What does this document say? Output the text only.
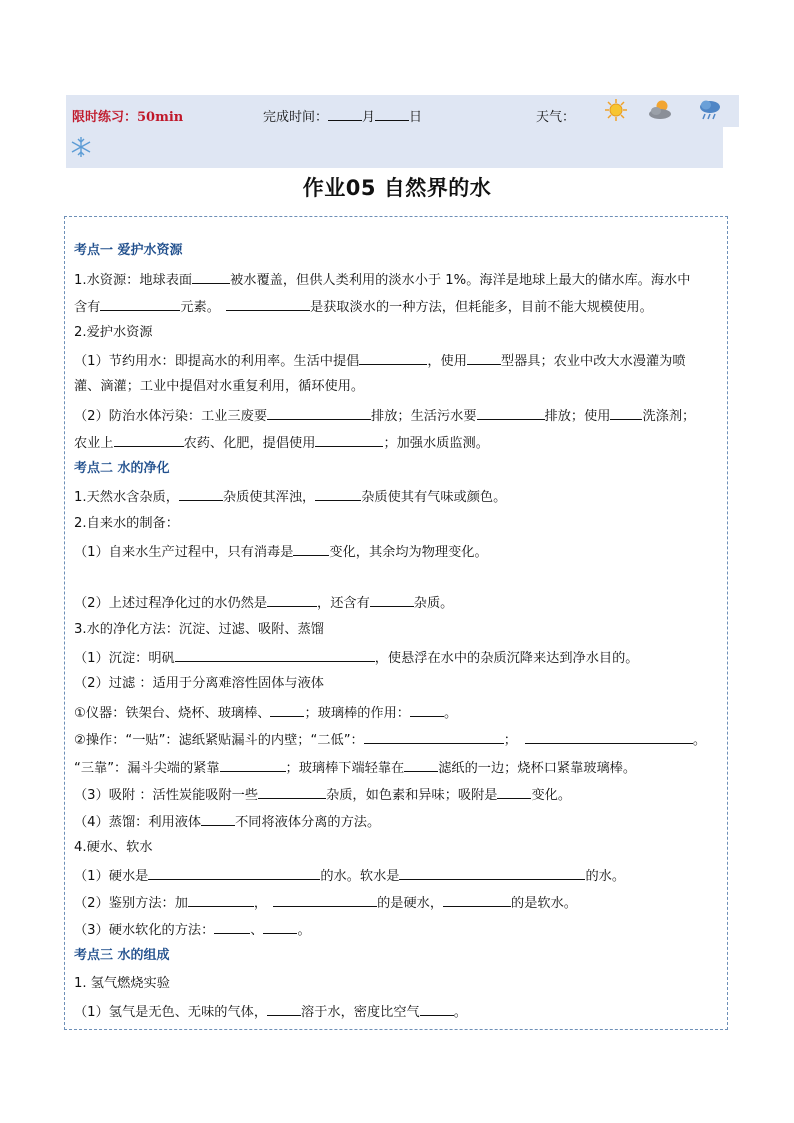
限时练习：50min	完成时间：	月	日	天气：
作业05 自然界的水
考点一 爱护水资源
1.水资源：地球表面	被水覆盖，但供人类利用的淡水小于 1%。海洋是地球上最大的储水库。海水中
含有	元素。	是获取淡水的一种方法，但耗能多，目前不能大规模使用。
2.爱护水资源
（1）节约用水：即提高水的利用率。生活中提倡	，使用	型器具；农业中改大水漫灌为喷
灌、滴灌；工业中提倡对水重复利用，循环使用。
（2）防治水体污染：工业三废要	排放；生活污水要	排放；使用 洗涤剂；
农业上	农药、化肥，提倡使用	；加强水质监测。
考点二 水的净化
1.天然水含杂质，	杂质使其浑浊，	杂质使其有气味或颜色。
2.自来水的制备：
（1）自来水生产过程中，只有消毒是	变化，其余均为物理变化。
（2）上述过程净化过的水仍然是	，还含有	杂质。
3.水的净化方法：沉淀、过滤、吸附、蒸馏
（1）沉淀：明矾	，使悬浮在水中的杂质沉降来达到净水目的。
（2）过滤 ：适用于分离难溶性固体与液体
①仪器：铁架台、烧杯、玻璃棒、	；玻璃棒的作用：	。
②操作：“一贴”：滤纸紧贴漏斗的内壁；“二低”：	；	。
“三靠”：漏斗尖端的紧靠	；玻璃棒下端轻靠在	滤纸的一边；烧杯口紧靠玻璃棒。
（3）吸附 ：活性炭能吸附一些	杂质，如色素和异味；吸附是	变化。
（4）蒸馏：利用液体	不同将液体分离的方法。
4.硬水、软水
（1）硬水是	的水。软水是	的水。
（2）鉴别方法：加	，	的是硬水，	的是软水。
（3）硬水软化的方法：	、	。
考点三 水的组成
1. 氢气燃烧实验
（1）氢气是无色、无味的气体，	溶于水，密度比空气	。
